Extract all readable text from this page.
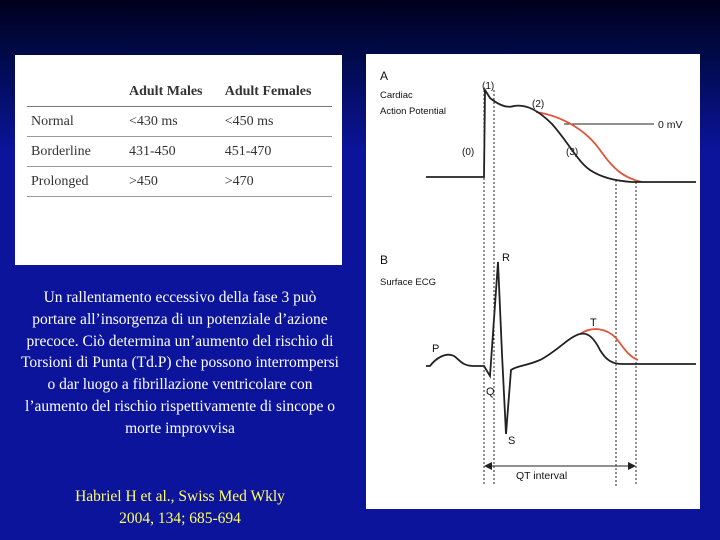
	Adult Males	Adult Females
Normal	<430 ms	<450 ms
Borderline	431-450	451-470
Prolonged	>450	>470
Un rallentamento eccessivo della fase 3 può portare all’insorgenza di un potenziale d’azione precoce. Ciò determina un’aumento del rischio di Torsioni di Punta (Td.P) che possono interrompersi o dar luogo a fibrillazione ventricolare con l’aumento del rischio rispettivamente di sincope o morte improvvisa
Habriel H et al., Swiss Med Wkly
2004, 134; 685-694
A
Cardiac
Action Potential
(1)
(2)
(0)	(3)
0 mV
B
Surface ECG
R
T
P
Q
S
QT interval
